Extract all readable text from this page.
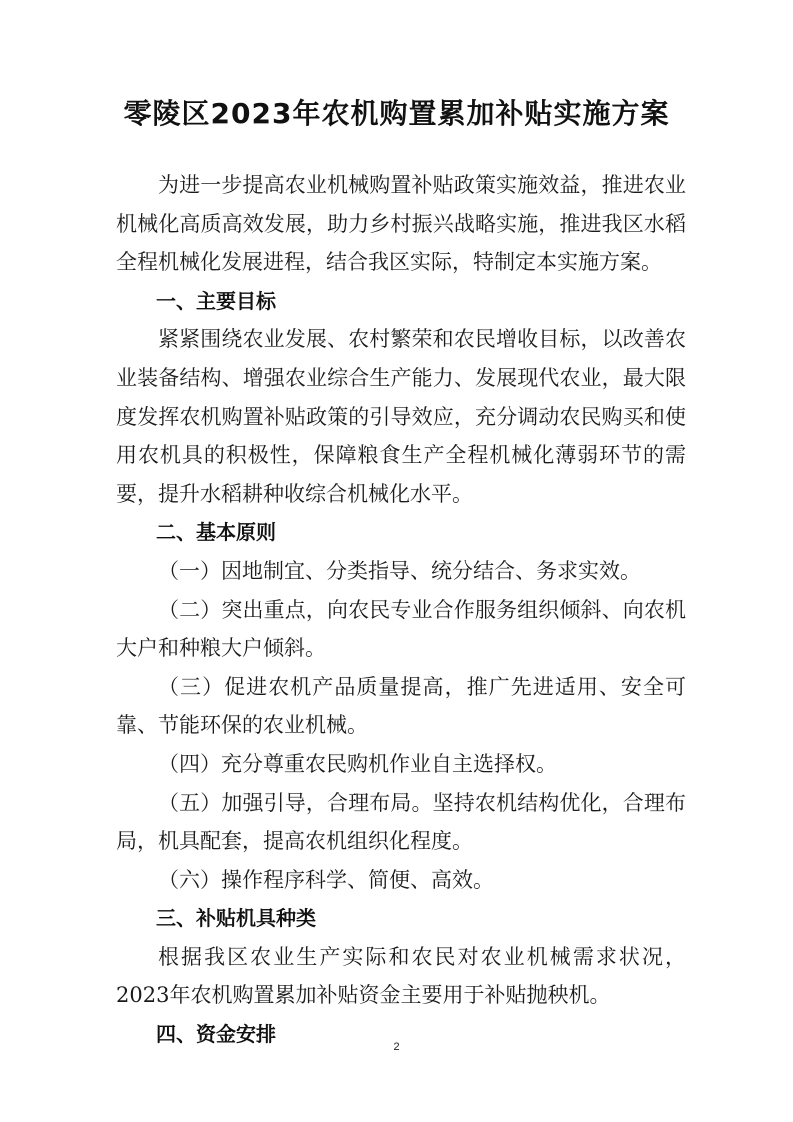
零陵区2023年农机购置累加补贴实施方案

为进一步提高农业机械购置补贴政策实施效益，推进农业机械化高质高效发展，助力乡村振兴战略实施，推进我区水稻全程机械化发展进程，结合我区实际，特制定本实施方案。

一、主要目标

紧紧围绕农业发展、农村繁荣和农民增收目标，以改善农业装备结构、增强农业综合生产能力、发展现代农业，最大限度发挥农机购置补贴政策的引导效应，充分调动农民购买和使用农机具的积极性，保障粮食生产全程机械化薄弱环节的需要，提升水稻耕种收综合机械化水平。

二、基本原则

（一）因地制宜、分类指导、统分结合、务求实效。

（二）突出重点，向农民专业合作服务组织倾斜、向农机大户和种粮大户倾斜。

（三）促进农机产品质量提高，推广先进适用、安全可靠、节能环保的农业机械。

（四）充分尊重农民购机作业自主选择权。

（五）加强引导，合理布局。坚持农机结构优化，合理布局，机具配套，提高农机组织化程度。

（六）操作程序科学、简便、高效。

三、补贴机具种类

根据我区农业生产实际和农民对农业机械需求状况，2023年农机购置累加补贴资金主要用于补贴抛秧机。

四、资金安排

2
